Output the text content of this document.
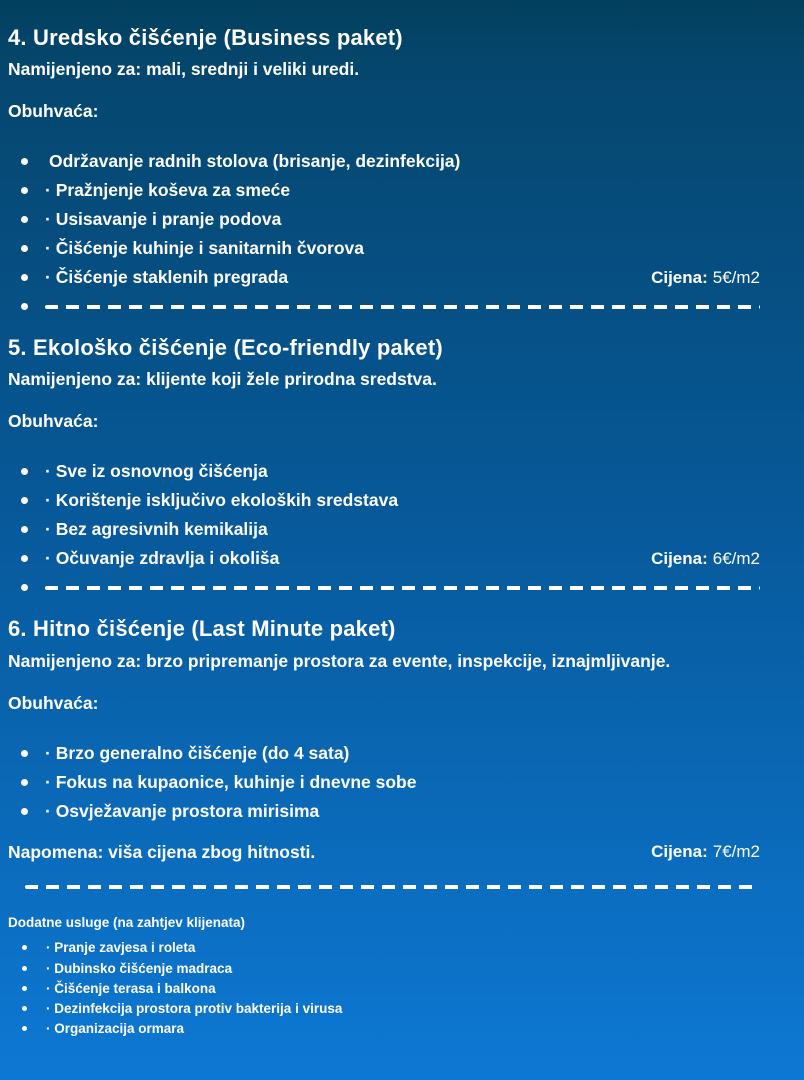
4. Uredsko čišćenje (Business paket)

Namijenjeno za: mali, srednji i veliki uredi.

Obuhvaća:

Održavanje radnih stolova (brisanje, dezinfekcija)
· Pražnjenje koševa za smeće
· Usisavanje i pranje podova
· Čišćenje kuhinje i sanitarnih čvorova
· Čišćenje staklenih pregrada	Cijena: 5€/m2
5. Ekološko čišćenje (Eco-friendly paket)

Namijenjeno za: klijente koji žele prirodna sredstva.

Obuhvaća:

· Sve iz osnovnog čišćenja
· Korištenje isključivo ekoloških sredstava
· Bez agresivnih kemikalija
· Očuvanje zdravlja i okoliša	Cijena: 6€/m2
6. Hitno čišćenje (Last Minute paket)

Namijenjeno za: brzo pripremanje prostora za evente, inspekcije, iznajmljivanje.

Obuhvaća:

· Brzo generalno čišćenje (do 4 sata)
· Fokus na kupaonice, kuhinje i dnevne sobe
· Osvježavanje prostora mirisima
Napomena: viša cijena zbog hitnosti.	Cijena: 7€/m2
Dodatne usluge (na zahtjev klijenata)
· Pranje zavjesa i roleta
· Dubinsko čišćenje madraca
· Čišćenje terasa i balkona
· Dezinfekcija prostora protiv bakterija i virusa
· Organizacija ormara
